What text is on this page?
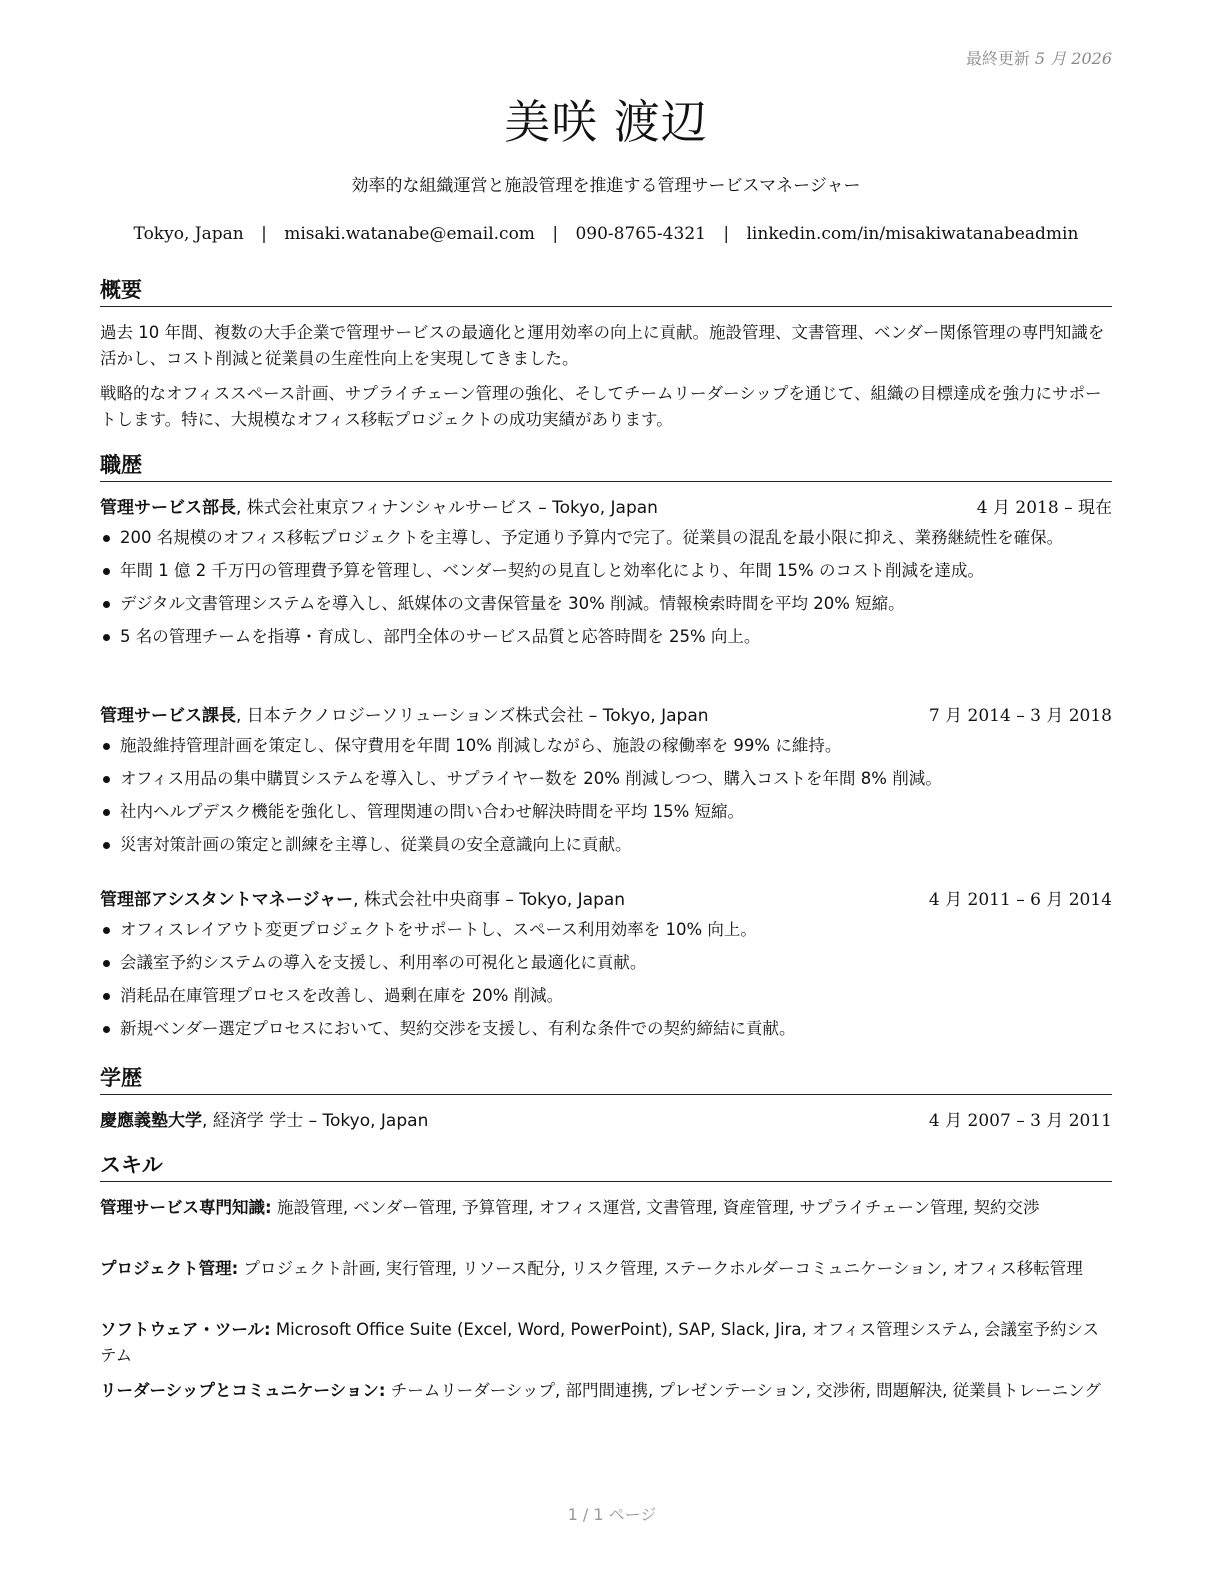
最終更新 5 月 2026
美咲 渡辺
効率的な組織運営と施設管理を推進する管理サービスマネージャー
Tokyo, Japan | misaki.watanabe@email.com | 090-8765-4321 | linkedin.com/in/misakiwatanabeadmin
概要

過去 10 年間、複数の大手企業で管理サービスの最適化と運用効率の向上に貢献。施設管理、文書管理、ベンダー関係管理の専門知識を活かし、コスト削減と従業員の生産性向上を実現してきました。

戦略的なオフィススペース計画、サプライチェーン管理の強化、そしてチームリーダーシップを通じて、組織の目標達成を強力にサポートします。特に、大規模なオフィス移転プロジェクトの成功実績があります。

職歴
管理サービス部長, 株式会社東京フィナンシャルサービス – Tokyo, Japan	4 月 2018 – 現在
200 名規模のオフィス移転プロジェクトを主導し、予定通り予算内で完了。従業員の混乱を最小限に抑え、業務継続性を確保。
年間 1 億 2 千万円の管理費予算を管理し、ベンダー契約の見直しと効率化により、年間 15% のコスト削減を達成。
デジタル文書管理システムを導入し、紙媒体の文書保管量を 30% 削減。情報検索時間を平均 20% 短縮。
5 名の管理チームを指導・育成し、部門全体のサービス品質と応答時間を 25% 向上。
管理サービス課長, 日本テクノロジーソリューションズ株式会社 – Tokyo, Japan	7 月 2014 – 3 月 2018
施設維持管理計画を策定し、保守費用を年間 10% 削減しながら、施設の稼働率を 99% に維持。
オフィス用品の集中購買システムを導入し、サプライヤー数を 20% 削減しつつ、購入コストを年間 8% 削減。
社内ヘルプデスク機能を強化し、管理関連の問い合わせ解決時間を平均 15% 短縮。
災害対策計画の策定と訓練を主導し、従業員の安全意識向上に貢献。
管理部アシスタントマネージャー, 株式会社中央商事 – Tokyo, Japan	4 月 2011 – 6 月 2014
オフィスレイアウト変更プロジェクトをサポートし、スペース利用効率を 10% 向上。
会議室予約システムの導入を支援し、利用率の可視化と最適化に貢献。
消耗品在庫管理プロセスを改善し、過剰在庫を 20% 削減。
新規ベンダー選定プロセスにおいて、契約交渉を支援し、有利な条件での契約締結に貢献。
学歴
慶應義塾大学, 経済学 学士 – Tokyo, Japan	4 月 2007 – 3 月 2011
スキル

管理サービス専門知識: 施設管理, ベンダー管理, 予算管理, オフィス運営, 文書管理, 資産管理, サプライチェーン管理, 契約交渉

プロジェクト管理: プロジェクト計画, 実行管理, リソース配分, リスク管理, ステークホルダーコミュニケーション, オフィス移転管理

ソフトウェア・ツール: Microsoft Office Suite (Excel, Word, PowerPoint), SAP, Slack, Jira, オフィス管理システム, 会議室予約システム

リーダーシップとコミュニケーション: チームリーダーシップ, 部門間連携, プレゼンテーション, 交渉術, 問題解決, 従業員トレーニング

1 / 1 ページ
